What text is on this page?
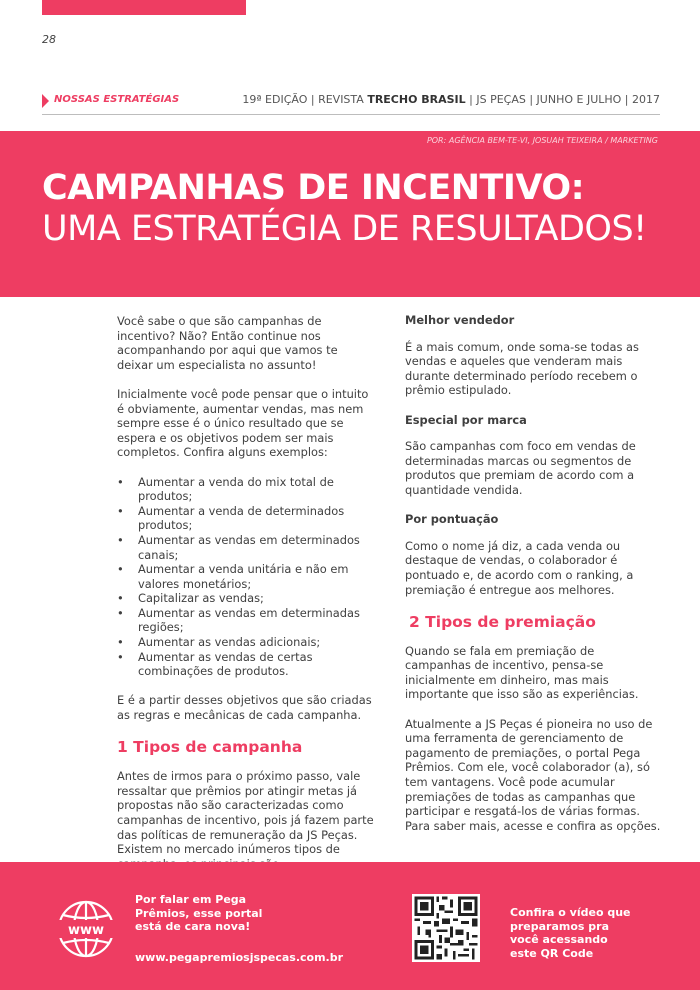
28
NOSSAS ESTRATÉGIAS	19ª EDIÇÃO | REVISTA TRECHO BRASIL | JS PEÇAS | JUNHO E JULHO | 2017
POR: AGÊNCIA BEM-TE-VI, JOSUAH TEIXEIRA / MARKETING
CAMPANHAS DE INCENTIVO:
UMA ESTRATÉGIA DE RESULTADOS!

Você sabe o que são campanhas de incentivo? Não? Então continue nos acompanhando por aqui que vamos te deixar um especialista no assunto!

Inicialmente você pode pensar que o intuito é obviamente, aumentar vendas, mas nem sempre esse é o único resultado que se espera e os objetivos podem ser mais completos. Confira alguns exemplos:

• Aumentar a venda do mix total de produtos;
• Aumentar a venda de determinados produtos;
• Aumentar as vendas em determinados canais;
• Aumentar a venda unitária e não em valores monetários;
• Capitalizar as vendas;
• Aumentar as vendas em determinadas regiões;
• Aumentar as vendas adicionais;
• Aumentar as vendas de certas combinações de produtos.

E é a partir desses objetivos que são criadas as regras e mecânicas de cada campanha.

1 Tipos de campanha

Antes de irmos para o próximo passo, vale ressaltar que prêmios por atingir metas já propostas não são caracterizadas como campanhas de incentivo, pois já fazem parte das políticas de remuneração da JS Peças. Existem no mercado inúmeros tipos de

Melhor vendedor

É a mais comum, onde soma-se todas as vendas e aqueles que venderam mais durante determinado período recebem o prêmio estipulado.

Especial por marca

São campanhas com foco em vendas de determinadas marcas ou segmentos de produtos que premiam de acordo com a quantidade vendida.

Por pontuação

Como o nome já diz, a cada venda ou destaque de vendas, o colaborador é pontuado e, de acordo com o ranking, a premiação é entregue aos melhores.

2 Tipos de premiação

Quando se fala em premiação de campanhas de incentivo, pensa-se inicialmente em dinheiro, mas mais importante que isso são as experiências.

Atualmente a JS Peças é pioneira no uso de uma ferramenta de gerenciamento de pagamento de premiações, o portal Pega Prêmios. Com ele, você colaborador (a), só tem vantagens. Você pode acumular premiações de todas as campanhas que participar e resgatá-los de várias formas. Para saber mais, acesse e confira as opções.

www
Por falar em Pega Prêmios, esse portal está de cara nova!
www.pegapremiosjspecas.com.br
Confira o vídeo que preparamos pra você acessando este QR Code
